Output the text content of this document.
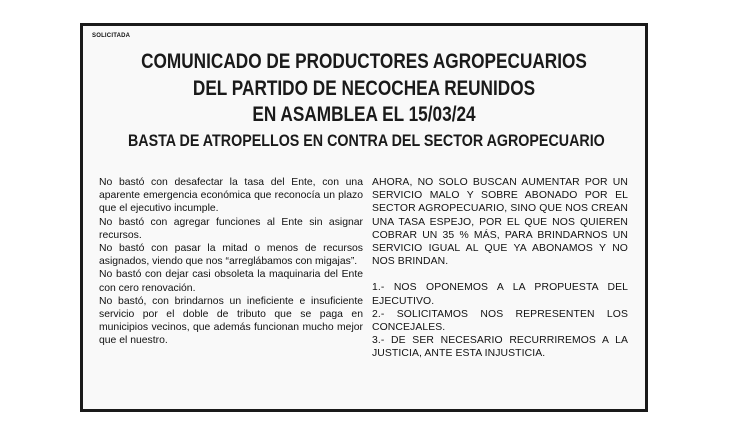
SOLICITADA
COMUNICADO DE PRODUCTORES AGROPECUARIOS
DEL PARTIDO DE NECOCHEA REUNIDOS
EN ASAMBLEA EL 15/03/24
BASTA DE ATROPELLOS EN CONTRA DEL SECTOR AGROPECUARIO

No bastó con desafectar la tasa del Ente, con una aparente emergencia económica que reconocía un plazo que el ejecutivo incumple.

No bastó con agregar funciones al Ente sin asignar recursos.

No bastó con pasar la mitad o menos de recursos asignados, viendo que nos “arreglábamos con migajas”.

No bastó con dejar casi obsoleta la maquinaria del Ente con cero renovación.

No bastó, con brindarnos un ineficiente e insuficiente servicio por el doble de tributo que se paga en municipios vecinos, que además funcionan mucho mejor que el nuestro.

AHORA, NO SOLO BUSCAN AUMENTAR POR UN SERVICIO MALO Y SOBRE ABONADO POR EL SECTOR AGROPECUARIO, SINO QUE NOS CREAN UNA TASA ESPEJO, POR EL QUE NOS QUIEREN COBRAR UN 35 % MÁS, PARA BRINDARNOS UN SERVICIO IGUAL AL QUE YA ABONAMOS Y NO NOS BRINDAN.

1.- NOS OPONEMOS A LA PROPUESTA DEL EJECUTIVO.

2.- SOLICITAMOS NOS REPRESENTEN LOS CONCEJALES.

3.- DE SER NECESARIO RECURRIREMOS A LA JUSTICIA, ANTE ESTA INJUSTICIA.
